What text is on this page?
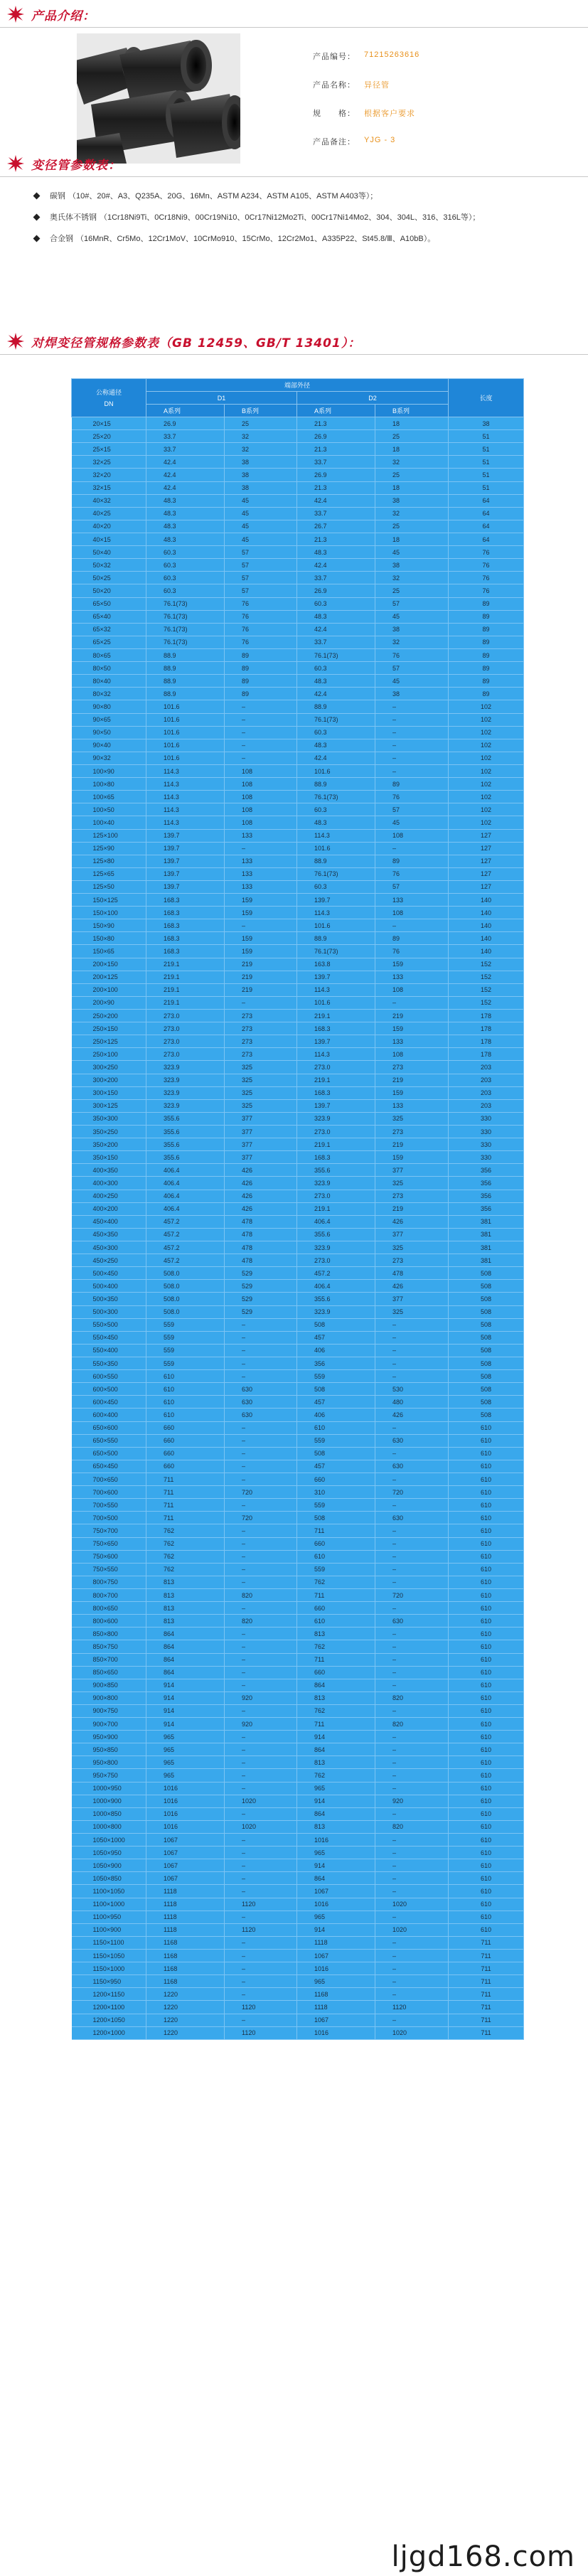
产品介绍：
产品编号：	71215263616
产品名称：	异径管
规　　格：	根据客户要求
产品备注：	YJG - 3
变径管参数表：
碳钢 （10#、20#、A3、Q235A、20G、16Mn、ASTM A234、ASTM A105、ASTM A403等）；
奥氏体不锈钢 （1Cr18Ni9Ti、0Cr18Ni9、00Cr19Ni10、0Cr17Ni12Mo2Ti、00Cr17Ni14Mo2、304、304L、316、316L等）；
合金钢 （16MnR、Cr5Mo、12Cr1MoV、10CrMo910、15CrMo、12Cr2Mo1、A335P22、St45.8/Ⅲ、A10bB）。
对焊变径管规格参数表（GB 12459、GB/T 13401）：
公称通径
DN	端部外径				长度
	D1		D2		
	A系列	B系列	A系列	B系列	
20×15	26.9	25	21.3	18	38
25×20	33.7	32	26.9	25	51
25×15	33.7	32	21.3	18	51
32×25	42.4	38	33.7	32	51
32×20	42.4	38	26.9	25	51
32×15	42.4	38	21.3	18	51
40×32	48.3	45	42.4	38	64
40×25	48.3	45	33.7	32	64
40×20	48.3	45	26.7	25	64
40×15	48.3	45	21.3	18	64
50×40	60.3	57	48.3	45	76
50×32	60.3	57	42.4	38	76
50×25	60.3	57	33.7	32	76
50×20	60.3	57	26.9	25	76
65×50	76.1(73)	76	60.3	57	89
65×40	76.1(73)	76	48.3	45	89
65×32	76.1(73)	76	42.4	38	89
65×25	76.1(73)	76	33.7	32	89
80×65	88.9	89	76.1(73)	76	89
80×50	88.9	89	60.3	57	89
80×40	88.9	89	48.3	45	89
80×32	88.9	89	42.4	38	89
90×80	101.6	–	88.9	–	102
90×65	101.6	–	76.1(73)	–	102
90×50	101.6	–	60.3	–	102
90×40	101.6	–	48.3	–	102
90×32	101.6	–	42.4	–	102
100×90	114.3	108	101.6	–	102
100×80	114.3	108	88.9	89	102
100×65	114.3	108	76.1(73)	76	102
100×50	114.3	108	60.3	57	102
100×40	114.3	108	48.3	45	102
125×100	139.7	133	114.3	108	127
125×90	139.7	–	101.6	–	127
125×80	139.7	133	88.9	89	127
125×65	139.7	133	76.1(73)	76	127
125×50	139.7	133	60.3	57	127
150×125	168.3	159	139.7	133	140
150×100	168.3	159	114.3	108	140
150×90	168.3	–	101.6	–	140
150×80	168.3	159	88.9	89	140
150×65	168.3	159	76.1(73)	76	140
200×150	219.1	219	163.8	159	152
200×125	219.1	219	139.7	133	152
200×100	219.1	219	114.3	108	152
200×90	219.1	–	101.6	–	152
250×200	273.0	273	219.1	219	178
250×150	273.0	273	168.3	159	178
250×125	273.0	273	139.7	133	178
250×100	273.0	273	114.3	108	178
300×250	323.9	325	273.0	273	203
300×200	323.9	325	219.1	219	203
300×150	323.9	325	168.3	159	203
300×125	323.9	325	139.7	133	203
350×300	355.6	377	323.9	325	330
350×250	355.6	377	273.0	273	330
350×200	355.6	377	219.1	219	330
350×150	355.6	377	168.3	159	330
400×350	406.4	426	355.6	377	356
400×300	406.4	426	323.9	325	356
400×250	406.4	426	273.0	273	356
400×200	406.4	426	219.1	219	356
450×400	457.2	478	406.4	426	381
450×350	457.2	478	355.6	377	381
450×300	457.2	478	323.9	325	381
450×250	457.2	478	273.0	273	381
500×450	508.0	529	457.2	478	508
500×400	508.0	529	406.4	426	508
500×350	508.0	529	355.6	377	508
500×300	508.0	529	323.9	325	508
550×500	559	–	508	–	508
550×450	559	–	457	–	508
550×400	559	–	406	–	508
550×350	559	–	356	–	508
600×550	610	–	559	–	508
600×500	610	630	508	530	508
600×450	610	630	457	480	508
600×400	610	630	406	426	508
650×600	660	–	610	–	610
650×550	660	–	559	630	610
650×500	660	–	508	–	610
650×450	660	–	457	630	610
700×650	711	–	660	–	610
700×600	711	720	310	720	610
700×550	711	–	559	–	610
700×500	711	720	508	630	610
750×700	762	–	711	–	610
750×650	762	–	660	–	610
750×600	762	–	610	–	610
750×550	762	–	559	–	610
800×750	813	–	762	–	610
800×700	813	820	711	720	610
800×650	813	–	660	–	610
800×600	813	820	610	630	610
850×800	864	–	813	–	610
850×750	864	–	762	–	610
850×700	864	–	711	–	610
850×650	864	–	660	–	610
900×850	914	–	864	–	610
900×800	914	920	813	820	610
900×750	914	–	762	–	610
900×700	914	920	711	820	610
950×900	965	–	914	–	610
950×850	965	–	864	–	610
950×800	965	–	813	–	610
950×750	965	–	762	–	610
1000×950	1016	–	965	–	610
1000×900	1016	1020	914	920	610
1000×850	1016	–	864	–	610
1000×800	1016	1020	813	820	610
1050×1000	1067	–	1016	–	610
1050×950	1067	–	965	–	610
1050×900	1067	–	914	–	610
1050×850	1067	–	864	–	610
1100×1050	1118	–	1067	–	610
1100×1000	1118	1120	1016	1020	610
1100×950	1118	–	965	–	610
1100×900	1118	1120	914	1020	610
1150×1100	1168	–	1118	–	711
1150×1050	1168	–	1067	–	711
1150×1000	1168	–	1016	–	711
1150×950	1168	–	965	–	711
1200×1150	1220	–	1168	–	711
1200×1100	1220	1120	1118	1120	711
1200×1050	1220	–	1067	–	711
1200×1000	1220	1120	1016	1020	711
ljgd168.com
